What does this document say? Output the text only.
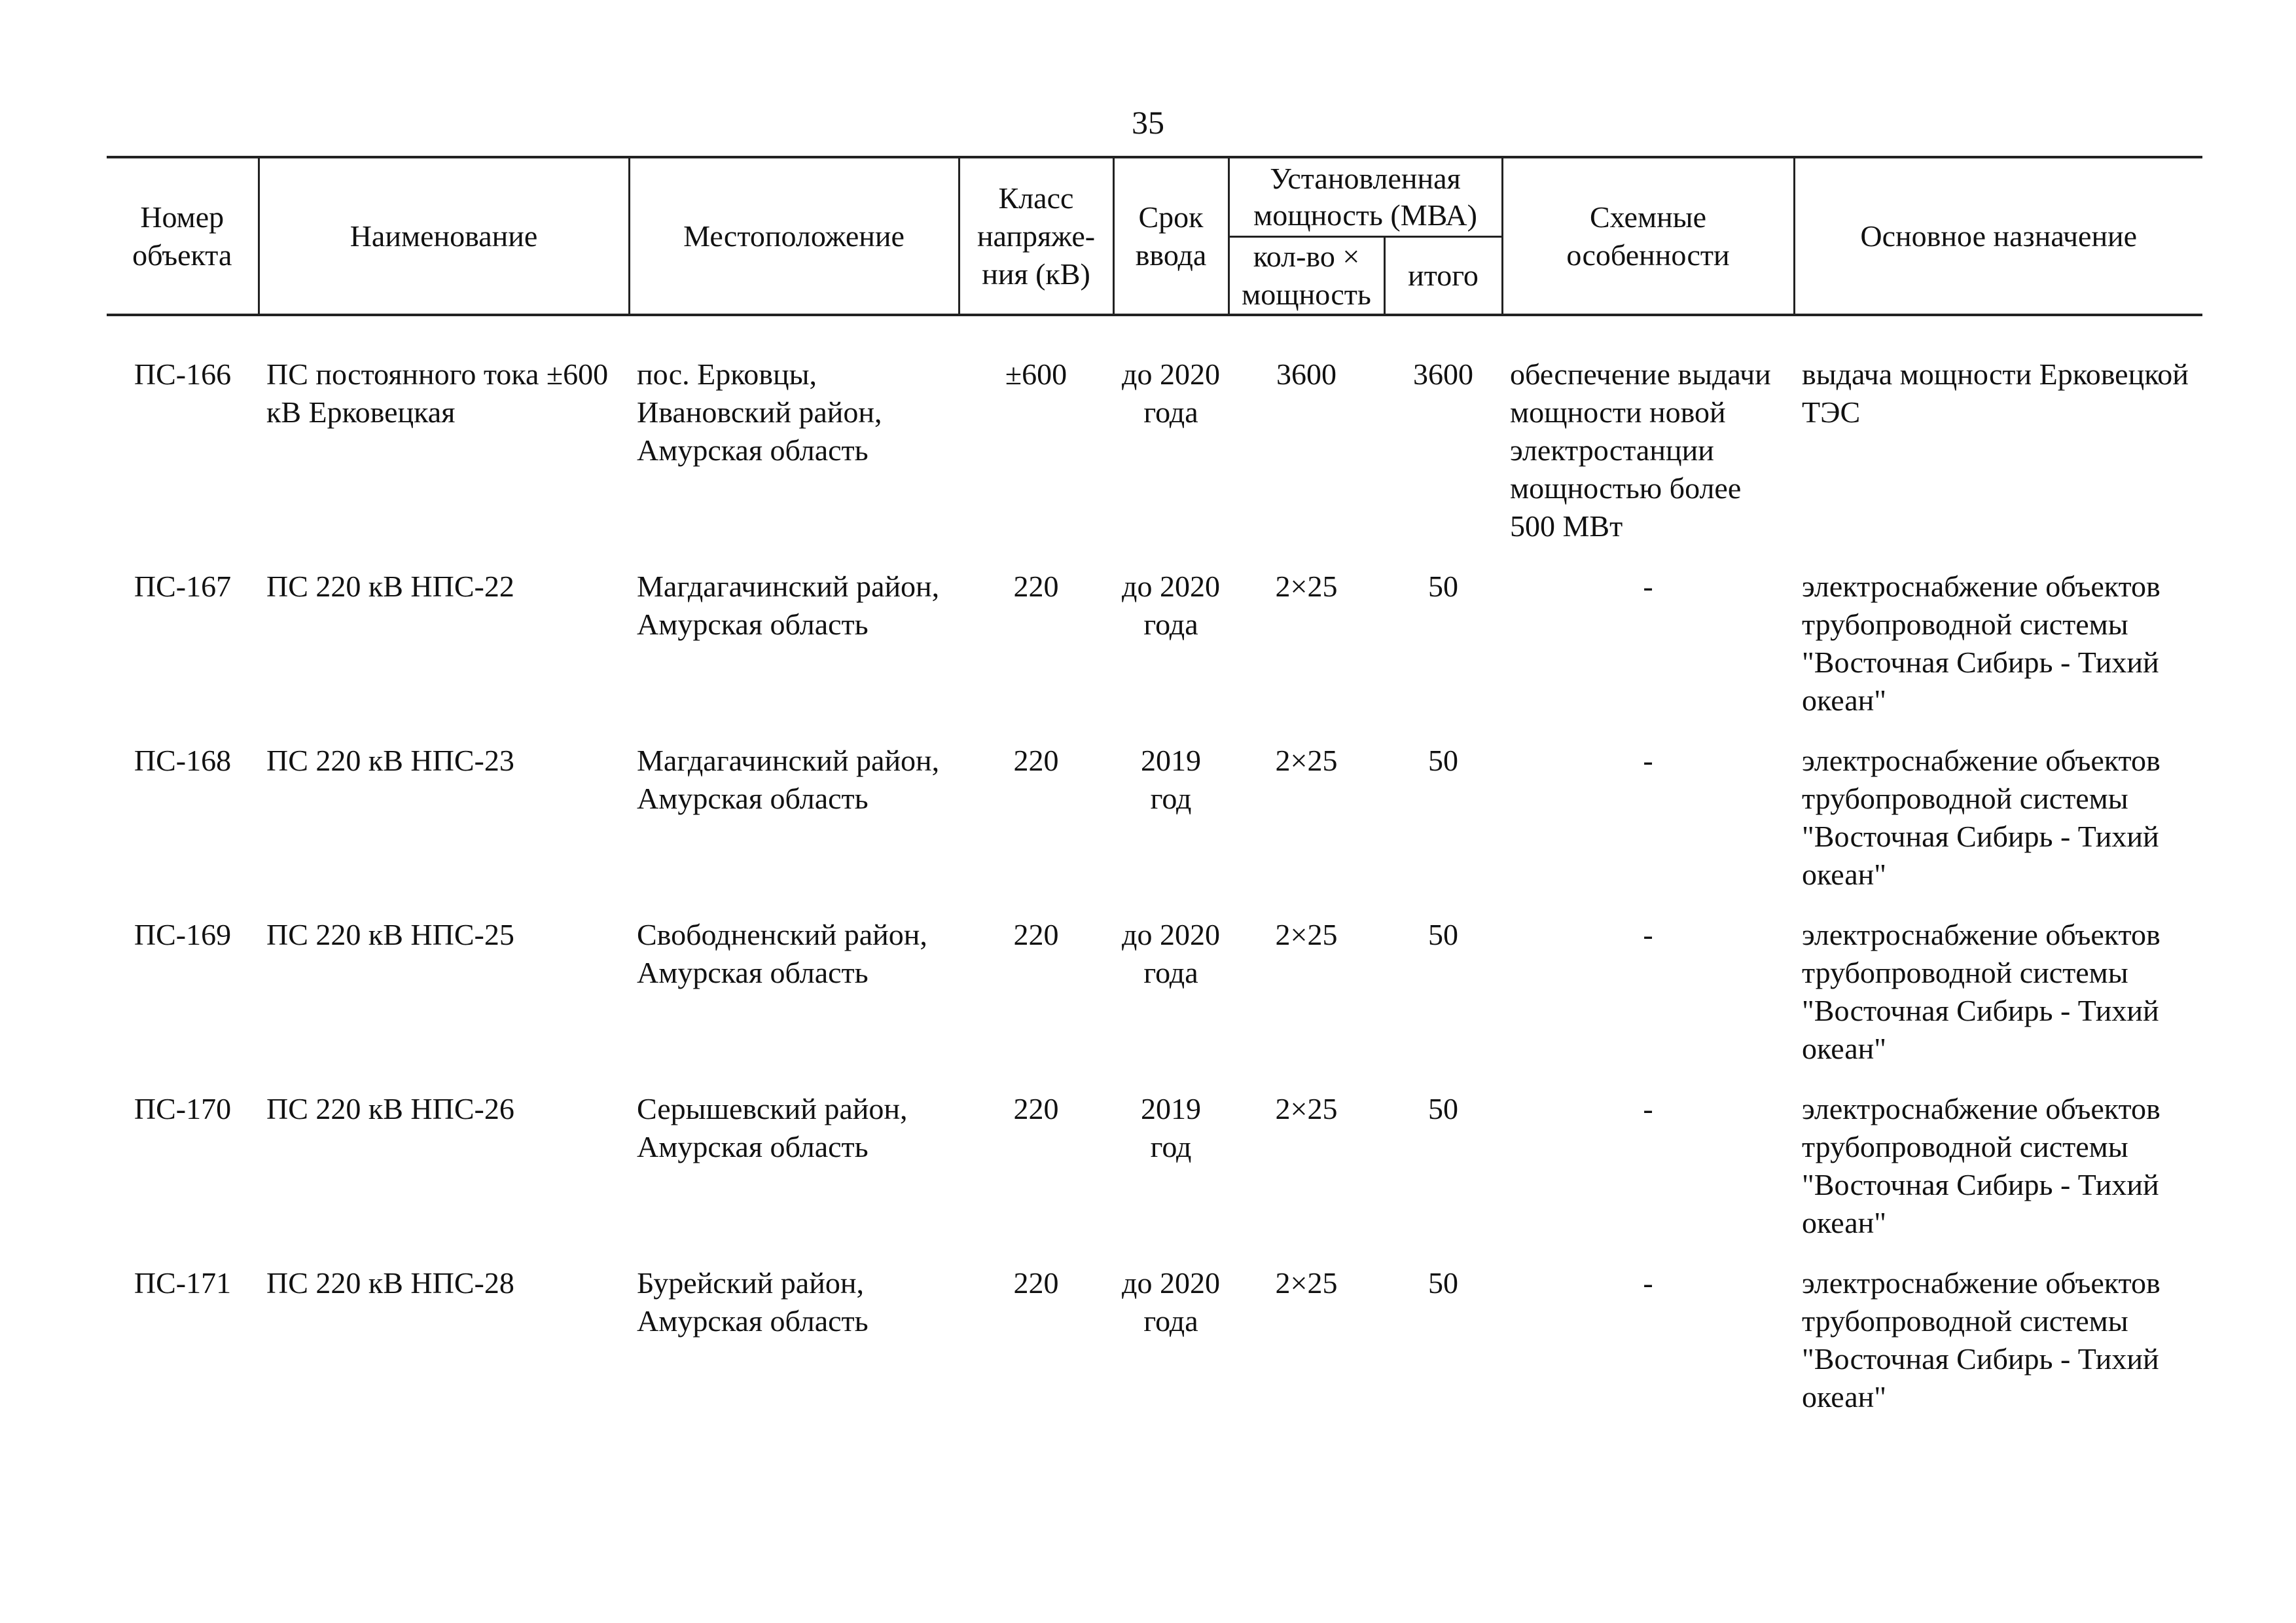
35
Номер объекта	Наименование	Местоположение	Класс напряже-ния (кВ)	Срок ввода	Установленная мощность (МВА)		Схемные особенности	Основное назначение
					кол-во × мощность	итого		
ПС-166	ПС постоянного тока ±600 кВ Ерковецкая	пос. Ерковцы, Ивановский район, Амурская область	±600	до 2020 года	3600	3600	обеспечение выдачи мощности новой электростанции мощностью более 500 МВт	выдача мощности Ерковецкой ТЭС
ПС-167	ПС 220 кВ НПС-22	Магдагачинский район, Амурская область	220	до 2020 года	2×25	50	-	электроснабжение объектов трубопроводной системы "Восточная Сибирь - Тихий океан"
ПС-168	ПС 220 кВ НПС-23	Магдагачинский район, Амурская область	220	2019 год	2×25	50	-	электроснабжение объектов трубопроводной системы "Восточная Сибирь - Тихий океан"
ПС-169	ПС 220 кВ НПС-25	Свободненский район, Амурская область	220	до 2020 года	2×25	50	-	электроснабжение объектов трубопроводной системы "Восточная Сибирь - Тихий океан"
ПС-170	ПС 220 кВ НПС-26	Серышевский район, Амурская область	220	2019 год	2×25	50	-	электроснабжение объектов трубопроводной системы "Восточная Сибирь - Тихий океан"
ПС-171	ПС 220 кВ НПС-28	Бурейский район, Амурская область	220	до 2020 года	2×25	50	-	электроснабжение объектов трубопроводной системы "Восточная Сибирь - Тихий океан"
